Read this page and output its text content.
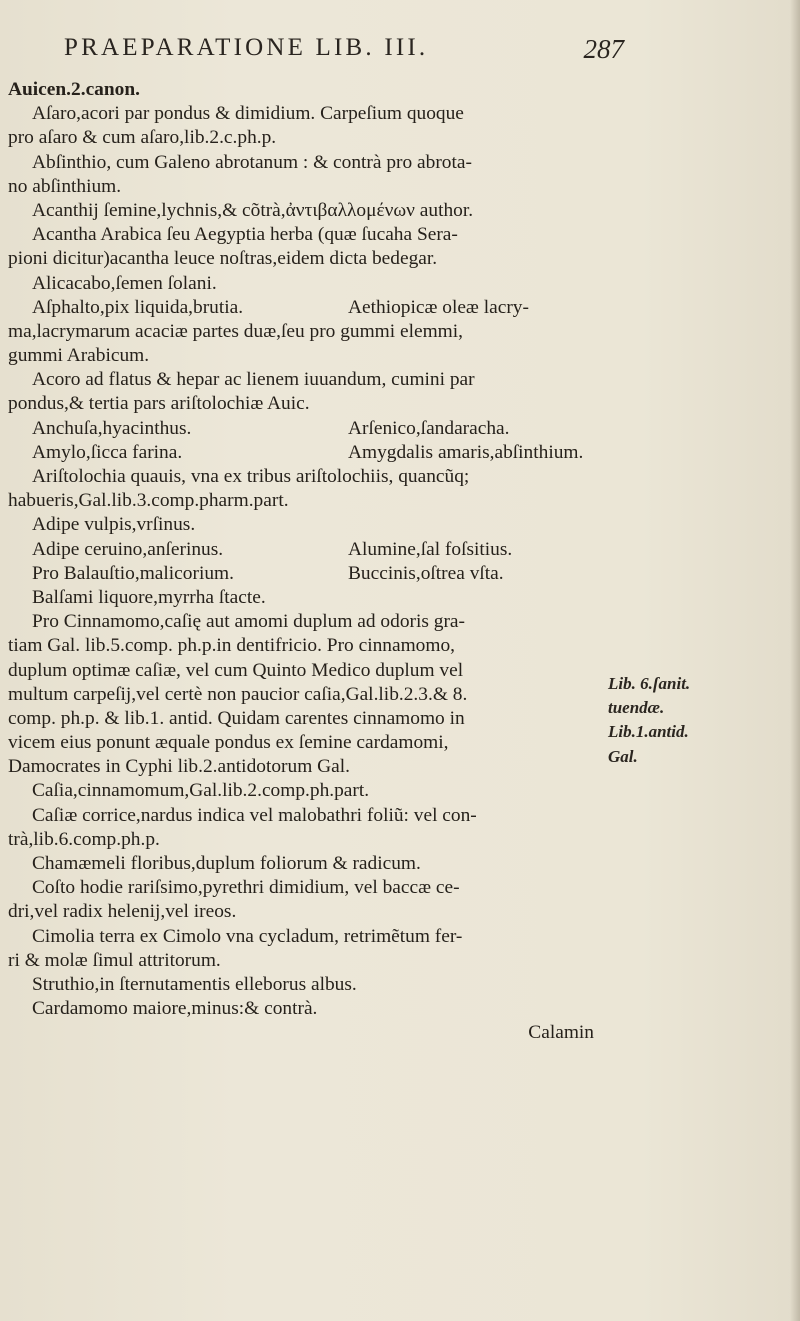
PRAEPARATIONE LIB. III.	287
Auicen.2.canon.
Aſaro,acori par pondus & dimidium. Carpeſium quoque
pro aſaro & cum aſaro,lib.2.c.ph.p.
Abſinthio, cum Galeno abrotanum : & contrà pro abrota-
no abſinthium.
Acanthij ſemine,lychnis,& cõtrà,ἀντιβαλλομένων author.
Acantha Arabica ſeu Aegyptia herba (quæ ſucaha Sera-
pioni dicitur)acantha leuce noſtras,eidem dicta bedegar.
Alicacabo,ſemen ſolani.
Aſphalto,pix liquida,brutia.	Aethiopicæ oleæ lacry-
ma,lacrymarum acaciæ partes duæ,ſeu pro gummi elemmi,
gummi Arabicum.
Acoro ad flatus & hepar ac lienem iuuandum, cumini par
pondus,& tertia pars ariſtolochiæ Auic.
Anchuſa,hyacinthus.	Arſenico,ſandaracha.
Amylo,ſicca farina.	Amygdalis amaris,abſinthium.
Ariſtolochia quauis, vna ex tribus ariſtolochiis, quancũq;
habueris,Gal.lib.3.comp.pharm.part.
Adipe vulpis,vrſinus.
Adipe ceruino,anſerinus.	Alumine,ſal foſsitius.
Pro Balauſtio,malicorium.	Buccinis,oſtrea vſta.
Balſami liquore,myrrha ſtacte.
Pro Cinnamomo,caſię aut amomi duplum ad odoris gra-
tiam Gal. lib.5.comp. ph.p.in dentifricio. Pro cinnamomo,
duplum optimæ caſiæ, vel cum Quinto Medico duplum vel
multum carpeſij,vel certè non paucior caſia,Gal.lib.2.3.& 8.
comp. ph.p. & lib.1. antid. Quidam carentes cinnamomo in
vicem eius ponunt æquale pondus ex ſemine cardamomi,
Damocrates in Cyphi lib.2.antidotorum Gal.
Caſia,cinnamomum,Gal.lib.2.comp.ph.part.
Caſiæ corrice,nardus indica vel malobathri foliũ: vel con-
trà,lib.6.comp.ph.p.
Chamæmeli floribus,duplum foliorum & radicum.
Coſto hodie rariſsimo,pyrethri dimidium, vel baccæ ce-
dri,vel radix helenij,vel ireos.
Cimolia terra ex Cimolo vna cycladum, retrimẽtum fer-
ri & molæ ſimul attritorum.
Struthio,in ſternutamentis elleborus albus.
Cardamomo maiore,minus:& contrà.
Calamin
Lib. 6.ſanit.
tuendæ.
Lib.1.antid.
Gal.
